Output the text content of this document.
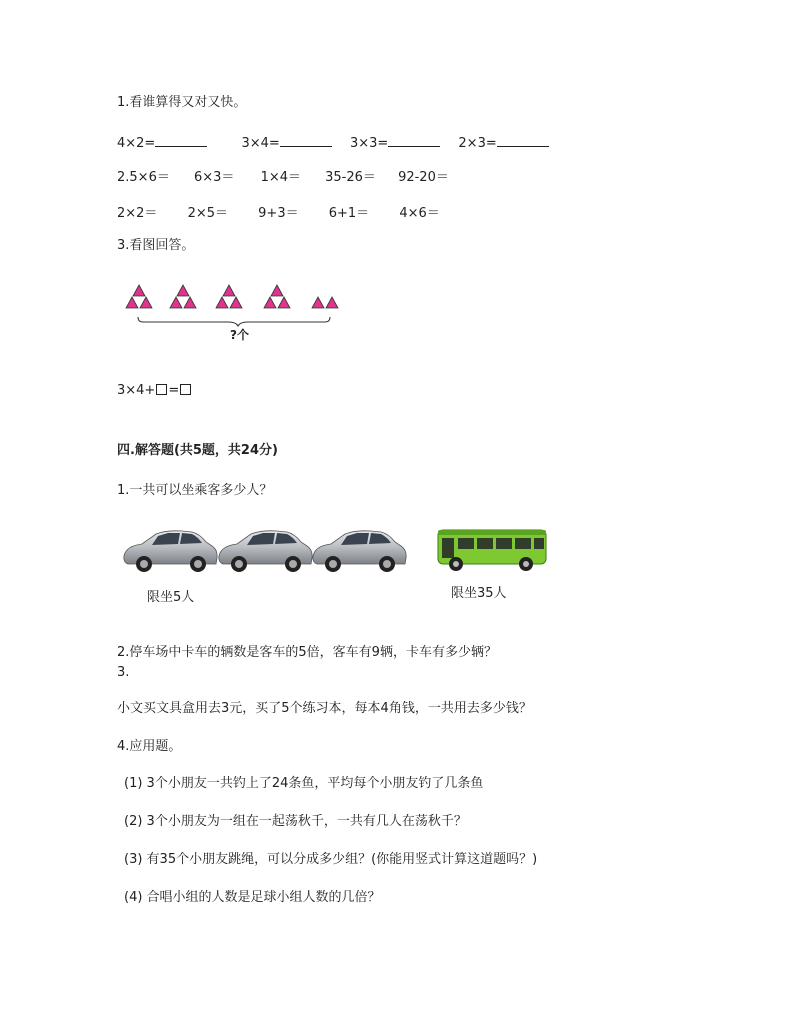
1.看谁算得又对又快。
4×2=	3×4=	3×3=	2×3=
2.5×6＝ 6×3＝ 1×4＝ 35-26＝ 92-20＝
2×2＝ 2×5＝ 9+3＝ 6+1＝ 4×6＝
3.看图回答。
?个
3×4+ =
四.解答题(共5题，共24分)
1.一共可以坐乘客多少人？
限坐5人	限坐35人
2.停车场中卡车的辆数是客车的5倍，客车有9辆，卡车有多少辆？
3.
小文买文具盒用去3元，买了5个练习本，每本4角钱，一共用去多少钱？
4.应用题。
(1) 3个小朋友一共钓上了24条鱼，平均每个小朋友钓了几条鱼
(2) 3个小朋友为一组在一起荡秋千，一共有几人在荡秋千？
(3) 有35个小朋友跳绳，可以分成多少组？(你能用竖式计算这道题吗？)
(4) 合唱小组的人数是足球小组人数的几倍？
